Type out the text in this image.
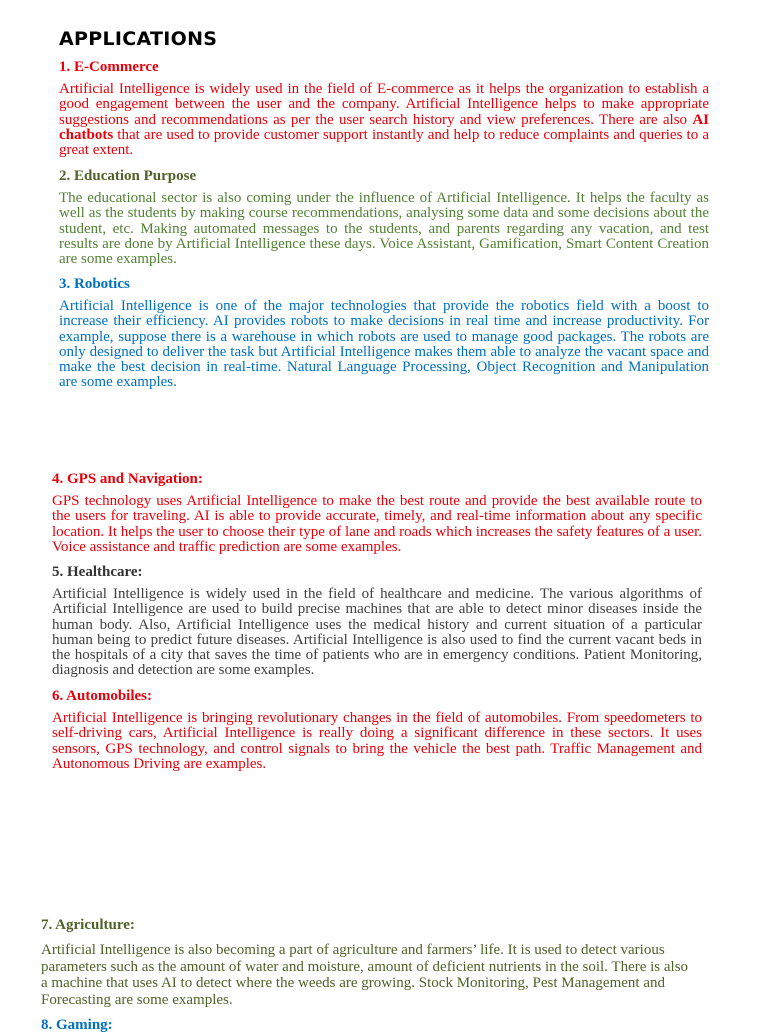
APPLICATIONS
1. E-Commerce

Artificial Intelligence is widely used in the field of E-commerce as it helps the organization to establish a good engagement between the user and the company. Artificial Intelligence helps to make appropriate suggestions and recommendations as per the user search history and view preferences. There are also AI chatbots that are used to provide customer support instantly and help to reduce complaints and queries to a great extent.

2. Education Purpose

The educational sector is also coming under the influence of Artificial Intelligence. It helps the faculty as well as the students by making course recommendations, analysing some data and some decisions about the student, etc. Making automated messages to the students, and parents regarding any vacation, and test results are done by Artificial Intelligence these days. Voice Assistant, Gamification, Smart Content Creation are some examples.

3. Robotics

Artificial Intelligence is one of the major technologies that provide the robotics field with a boost to increase their efficiency. AI provides robots to make decisions in real time and increase productivity. For example, suppose there is a warehouse in which robots are used to manage good packages. The robots are only designed to deliver the task but Artificial Intelligence makes them able to analyze the vacant space and make the best decision in real-time. Natural Language Processing, Object Recognition and Manipulation are some examples.

4. GPS and Navigation:

GPS technology uses Artificial Intelligence to make the best route and provide the best available route to the users for traveling. AI is able to provide accurate, timely, and real-time information about any specific location. It helps the user to choose their type of lane and roads which increases the safety features of a user. Voice assistance and traffic prediction are some examples.

5. Healthcare:

Artificial Intelligence is widely used in the field of healthcare and medicine. The various algorithms of Artificial Intelligence are used to build precise machines that are able to detect minor diseases inside the human body. Also, Artificial Intelligence uses the medical history and current situation of a particular human being to predict future diseases. Artificial Intelligence is also used to find the current vacant beds in the hospitals of a city that saves the time of patients who are in emergency conditions. Patient Monitoring, diagnosis and detection are some examples.

6. Automobiles:

Artificial Intelligence is bringing revolutionary changes in the field of automobiles. From speedometers to self-driving cars, Artificial Intelligence is really doing a significant difference in these sectors. It uses sensors, GPS technology, and control signals to bring the vehicle the best path. Traffic Management and Autonomous Driving are examples.

7. Agriculture:

Artificial Intelligence is also becoming a part of agriculture and farmers’ life. It is used to detect various parameters such as the amount of water and moisture, amount of deficient nutrients in the soil. There is also a machine that uses AI to detect where the weeds are growing. Stock Monitoring, Pest Management and Forecasting are some examples.

8. Gaming:
